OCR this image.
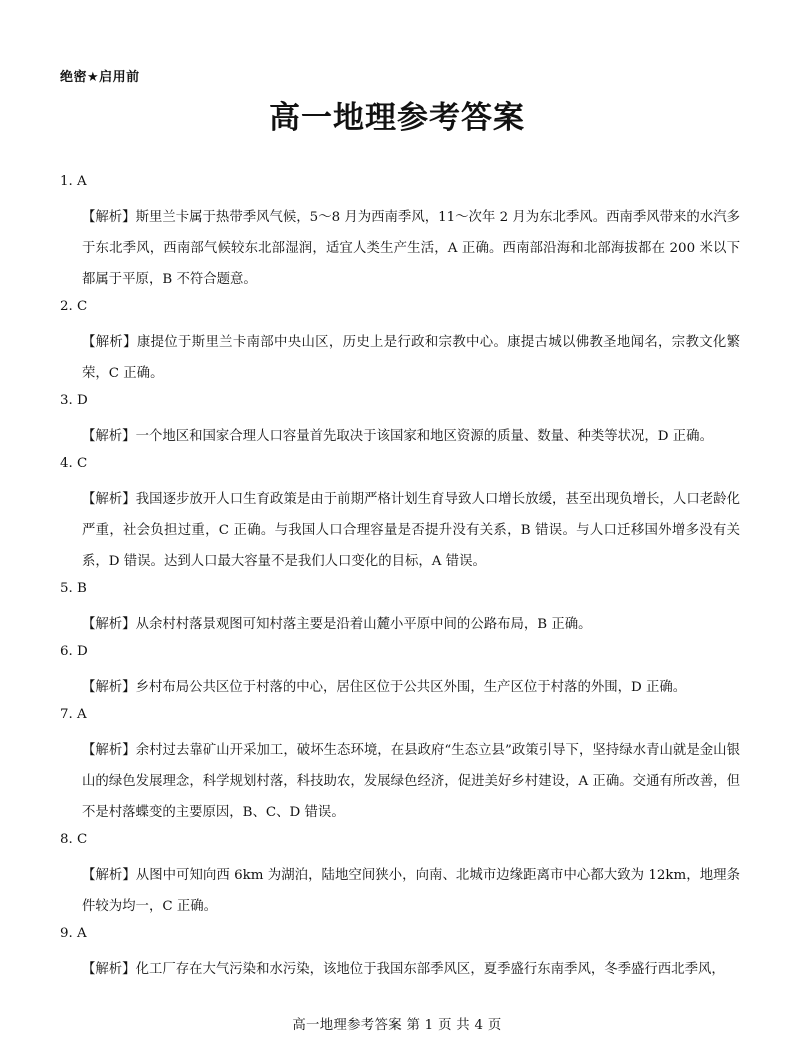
绝密★启用前
高一地理参考答案
1. A
【解析】斯里兰卡属于热带季风气候，5～8 月为西南季风，11～次年 2 月为东北季风。西南季风带来的水汽多于东北季风，西南部气候较东北部湿润，适宜人类生产生活，A 正确。西南部沿海和北部海拔都在 200 米以下都属于平原，B 不符合题意。
2. C
【解析】康提位于斯里兰卡南部中央山区，历史上是行政和宗教中心。康提古城以佛教圣地闻名，宗教文化繁荣，C 正确。
3. D
【解析】一个地区和国家合理人口容量首先取决于该国家和地区资源的质量、数量、种类等状况，D 正确。
4. C
【解析】我国逐步放开人口生育政策是由于前期严格计划生育导致人口增长放缓，甚至出现负增长，人口老龄化严重，社会负担过重，C 正确。与我国人口合理容量是否提升没有关系，B 错误。与人口迁移国外增多没有关系，D 错误。达到人口最大容量不是我们人口变化的目标，A 错误。
5. B
【解析】从余村村落景观图可知村落主要是沿着山麓小平原中间的公路布局，B 正确。
6. D
【解析】乡村布局公共区位于村落的中心，居住区位于公共区外围，生产区位于村落的外围，D 正确。
7. A
【解析】余村过去靠矿山开采加工，破坏生态环境，在县政府“生态立县”政策引导下，坚持绿水青山就是金山银山的绿色发展理念，科学规划村落，科技助农，发展绿色经济，促进美好乡村建设，A 正确。交通有所改善，但不是村落蝶变的主要原因，B、C、D 错误。
8. C
【解析】从图中可知向西 6km 为湖泊，陆地空间狭小，向南、北城市边缘距离市中心都大致为 12km，地理条件较为均一，C 正确。
9. A
【解析】化工厂存在大气污染和水污染，该地位于我国东部季风区，夏季盛行东南季风，冬季盛行西北季风，
高一地理参考答案 第 1 页 共 4 页
